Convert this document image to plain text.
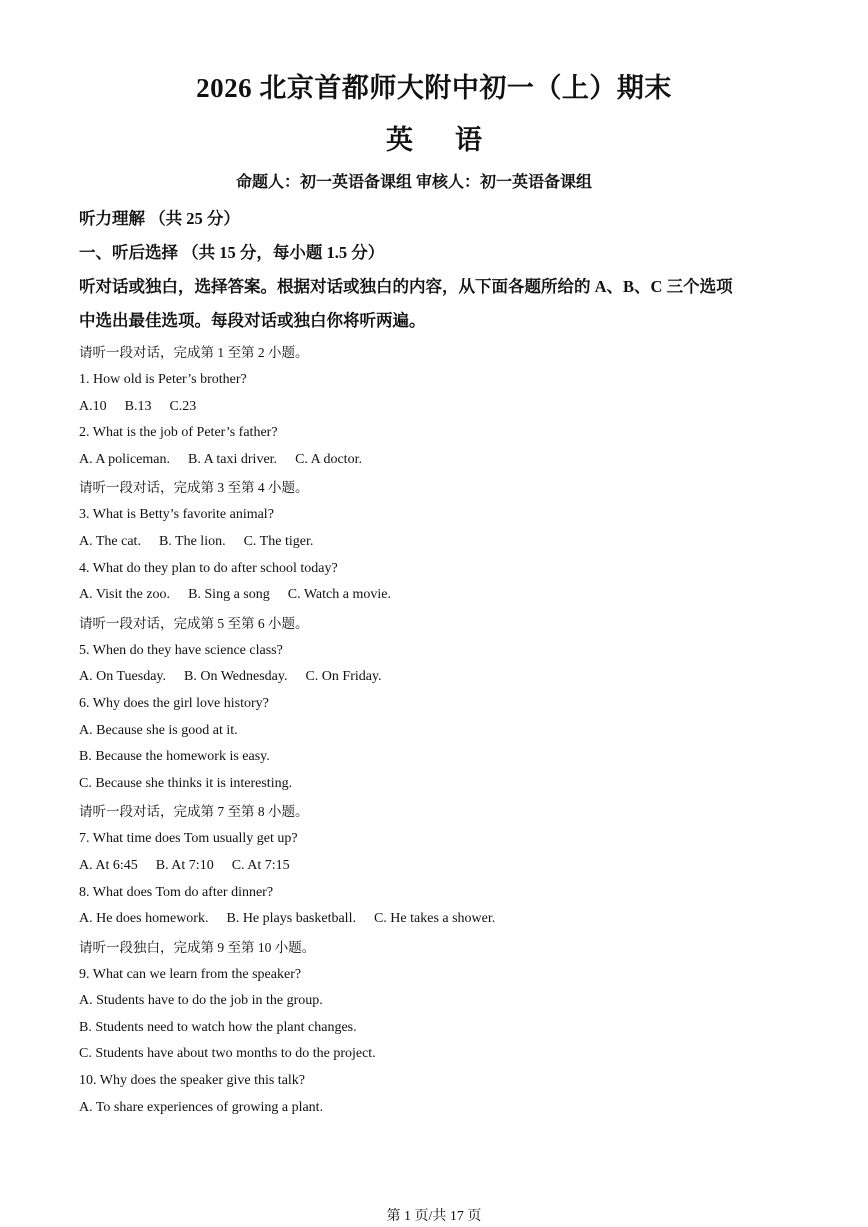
2026 北京首都师大附中初一（上）期末
英 语
命题人：初一英语备课组 审核人：初一英语备课组
听力理解 （共 25 分）
一、听后选择 （共 15 分，每小题 1.5 分）
听对话或独白，选择答案。根据对话或独白的内容，从下面各题所给的 A、B、C 三个选项
中选出最佳选项。每段对话或独白你将听两遍。
请听一段对话，完成第 1 至第 2 小题。
1. How old is Peter’s brother?
A.10 B.13 C.23
2. What is the job of Peter’s father?
A. A policeman. B. A taxi driver. C. A doctor.
请听一段对话，完成第 3 至第 4 小题。
3. What is Betty’s favorite animal?
A. The cat. B. The lion. C. The tiger.
4. What do they plan to do after school today?
A. Visit the zoo. B. Sing a song C. Watch a movie.
请听一段对话，完成第 5 至第 6 小题。
5. When do they have science class?
A. On Tuesday. B. On Wednesday. C. On Friday.
6. Why does the girl love history?
A. Because she is good at it.
B. Because the homework is easy.
C. Because she thinks it is interesting.
请听一段对话，完成第 7 至第 8 小题。
7. What time does Tom usually get up?
A. At 6:45 B. At 7:10 C. At 7:15
8. What does Tom do after dinner?
A. He does homework. B. He plays basketball. C. He takes a shower.
请听一段独白，完成第 9 至第 10 小题。
9. What can we learn from the speaker?
A. Students have to do the job in the group.
B. Students need to watch how the plant changes.
C. Students have about two months to do the project.
10. Why does the speaker give this talk?
A. To share experiences of growing a plant.
第 1 页/共 17 页
